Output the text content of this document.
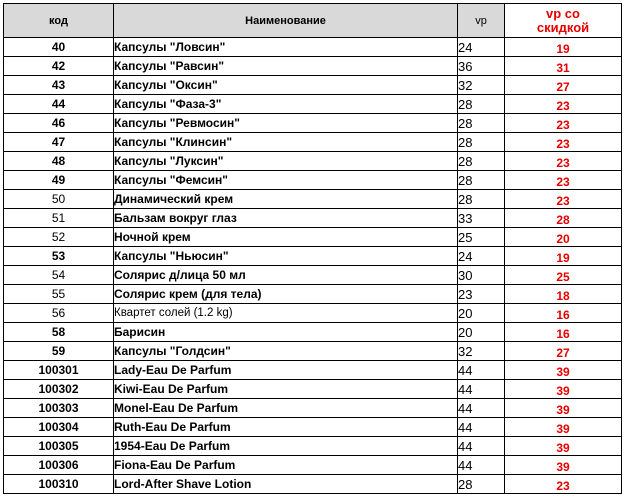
код	Наименование	vp	vp со
скидкой
40	Капсулы "Ловсин"	24	19
42	Капсулы "Равсин"	36	31
43	Капсулы "Оксин"	32	27
44	Капсулы "Фаза-3"	28	23
46	Капсулы "Ревмосин"	28	23
47	Капсулы "Клинсин"	28	23
48	Капсулы "Луксин"	28	23
49	Капсулы "Фемсин"	28	23
50	Динамический крем	28	23
51	Бальзам вокруг глаз	33	28
52	Ночной крем	25	20
53	Капсулы "Ньюсин"	24	19
54	Солярис д/лица 50 мл	30	25
55	Солярис крем (для тела)	23	18
56	Квартет солей (1.2 kg)	20	16
58	Барисин	20	16
59	Капсулы "Голдсин"	32	27
100301	Lady-Eau De Parfum	44	39
100302	Kiwi-Eau De Parfum	44	39
100303	Monel-Eau De Parfum	44	39
100304	Ruth-Eau De Parfum	44	39
100305	1954-Eau De Parfum	44	39
100306	Fiona-Eau De Parfum	44	39
100310	Lord-After Shave Lotion	28	23
